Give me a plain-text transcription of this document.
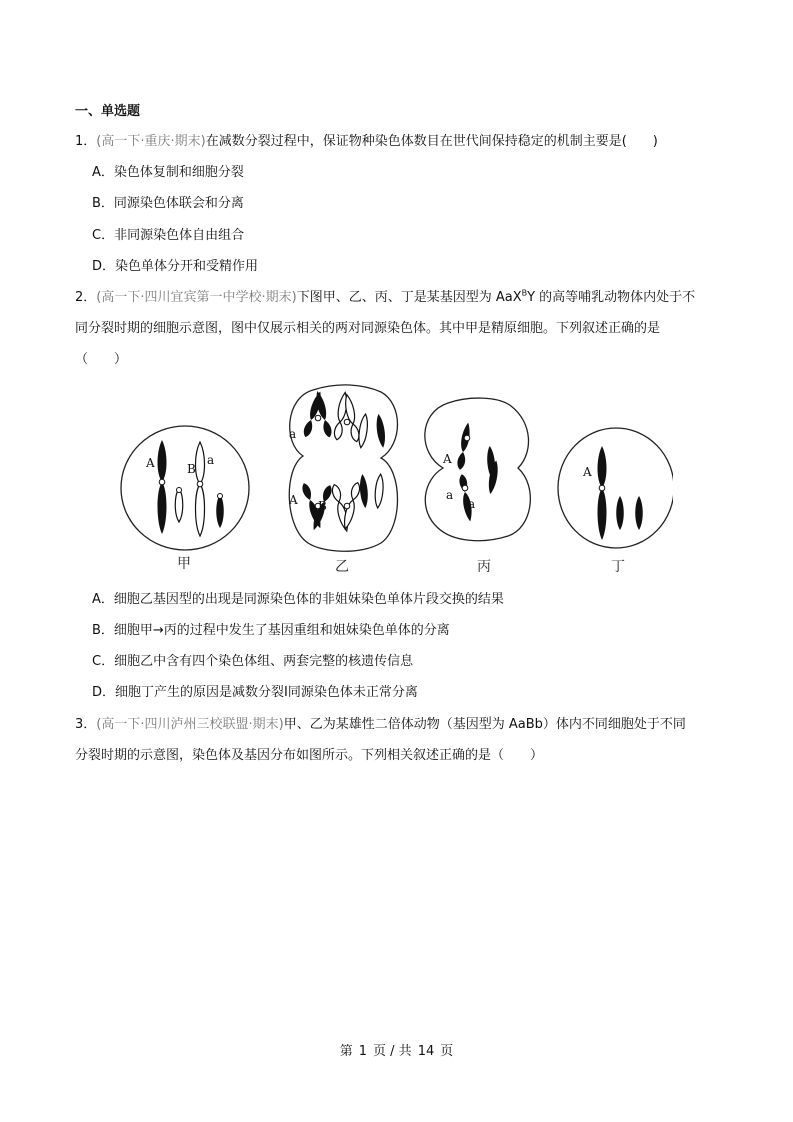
一、单选题
1．(高一下·重庆·期末)在减数分裂过程中，保证物种染色体数目在世代间保持稳定的机制主要是(　　)
A．染色体复制和细胞分裂
B．同源染色体联会和分离
C．非同源染色体自由组合
D．染色单体分开和受精作用
2．(高一下·四川宜宾第一中学校·期末)下图甲、乙、丙、丁是某基因型为 AaX$^B$Y 的高等哺乳动物体内处于不
同分裂时期的细胞示意图，图中仅展示相关的两对同源染色体。其中甲是精原细胞。下列叙述正确的是
（　　）
A	B
a
甲
a
A B
乙
A
a
a
丙
A
丁
A．细胞乙基因型的出现是同源染色体的非姐妹染色单体片段交换的结果
B．细胞甲→丙的过程中发生了基因重组和姐妹染色单体的分离
C．细胞乙中含有四个染色体组、两套完整的核遗传信息
D．细胞丁产生的原因是减数分裂Ⅰ同源染色体未正常分离
3．(高一下·四川泸州三校联盟·期末)甲、乙为某雄性二倍体动物（基因型为 AaBb）体内不同细胞处于不同
分裂时期的示意图，染色体及基因分布如图所示。下列相关叙述正确的是（　　）
第 1 页 / 共 14 页
